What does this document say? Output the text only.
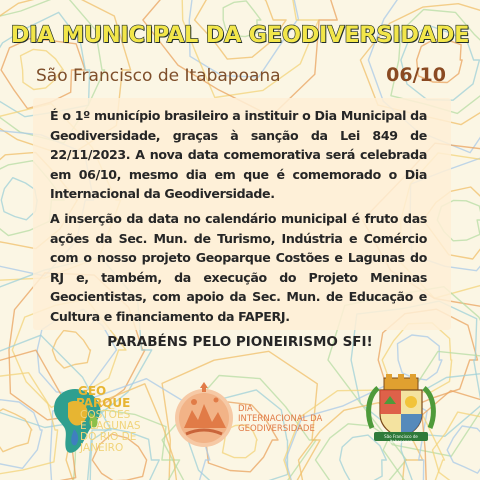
DIA MUNICIPAL DA GEODIVERSIDADE
São Francisco de Itabapoana	06/10

É o 1º município brasileiro a instituir o Dia Municipal da Geodiversidade, graças à sanção da Lei 849 de 22/11/2023. A nova data comemorativa será celebrada em 06/10, mesmo dia em que é comemorado o Dia Internacional da Geodiversidade.

A inserção da data no calendário municipal é fruto das ações da Sec. Mun. de Turismo, Indústria e Comércio com o nosso projeto Geoparque Costões e Lagunas do RJ e, também, da execução do Projeto Meninas Geocientistas, com apoio da Sec. Mun. de Educação e Cultura e financiamento da FAPERJ.

PARABÉNS PELO PIONEIRISMO SFI!
GEO
PARQUE
COSTÕES
E LAGUNAS
DO RIO DE
JANEIRO
DIA
INTERNACIONAL DA
GEODIVERSIDADE
São Francisco de Itabapoana
